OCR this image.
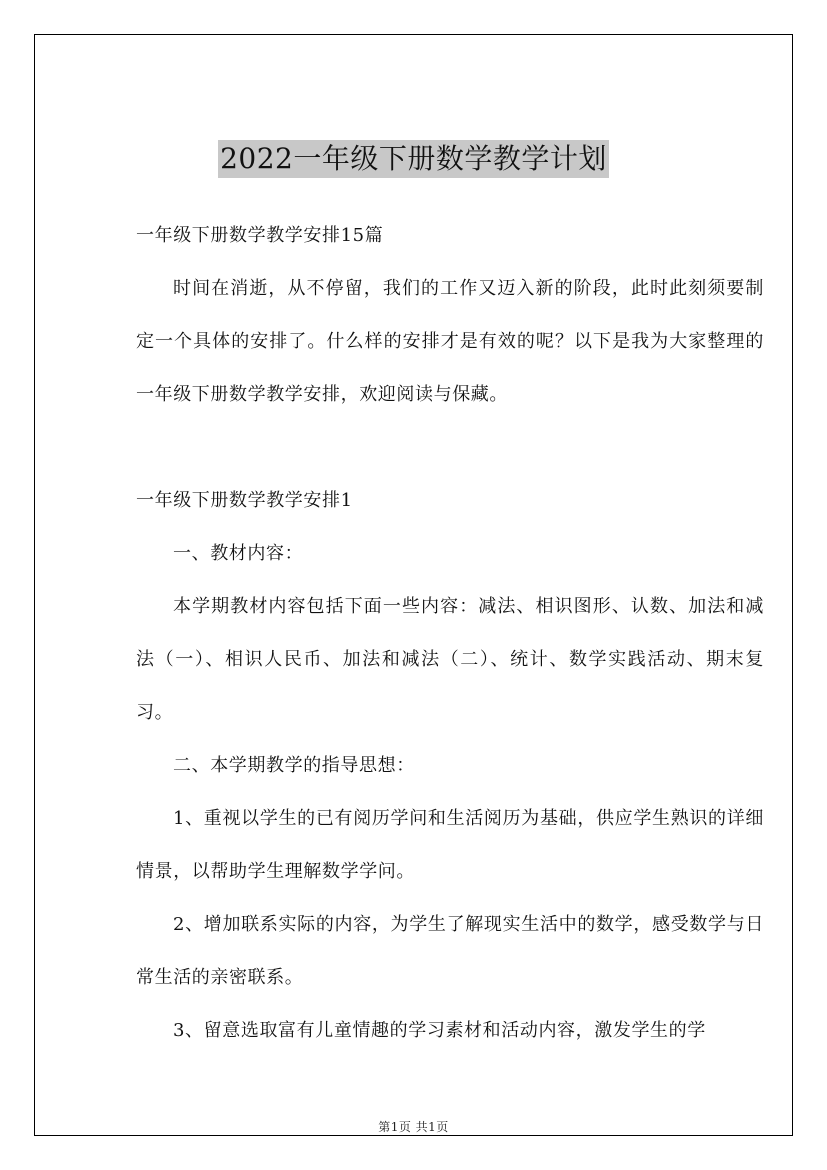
2022一年级下册数学教学计划

一年级下册数学教学安排15篇

时间在消逝，从不停留，我们的工作又迈入新的阶段，此时此刻须要制定一个具体的安排了。什么样的安排才是有效的呢？以下是我为大家整理的一年级下册数学教学安排，欢迎阅读与保藏。

一年级下册数学教学安排1

一、教材内容：

本学期教材内容包括下面一些内容：减法、相识图形、认数、加法和减法（一）、相识人民币、加法和减法（二）、统计、数学实践活动、期末复习。

二、本学期教学的指导思想：

1、重视以学生的已有阅历学问和生活阅历为基础，供应学生熟识的详细情景，以帮助学生理解数学学问。

2、增加联系实际的内容，为学生了解现实生活中的数学，感受数学与日常生活的亲密联系。

3、留意选取富有儿童情趣的学习素材和活动内容，激发学生的学

第1页 共1页
